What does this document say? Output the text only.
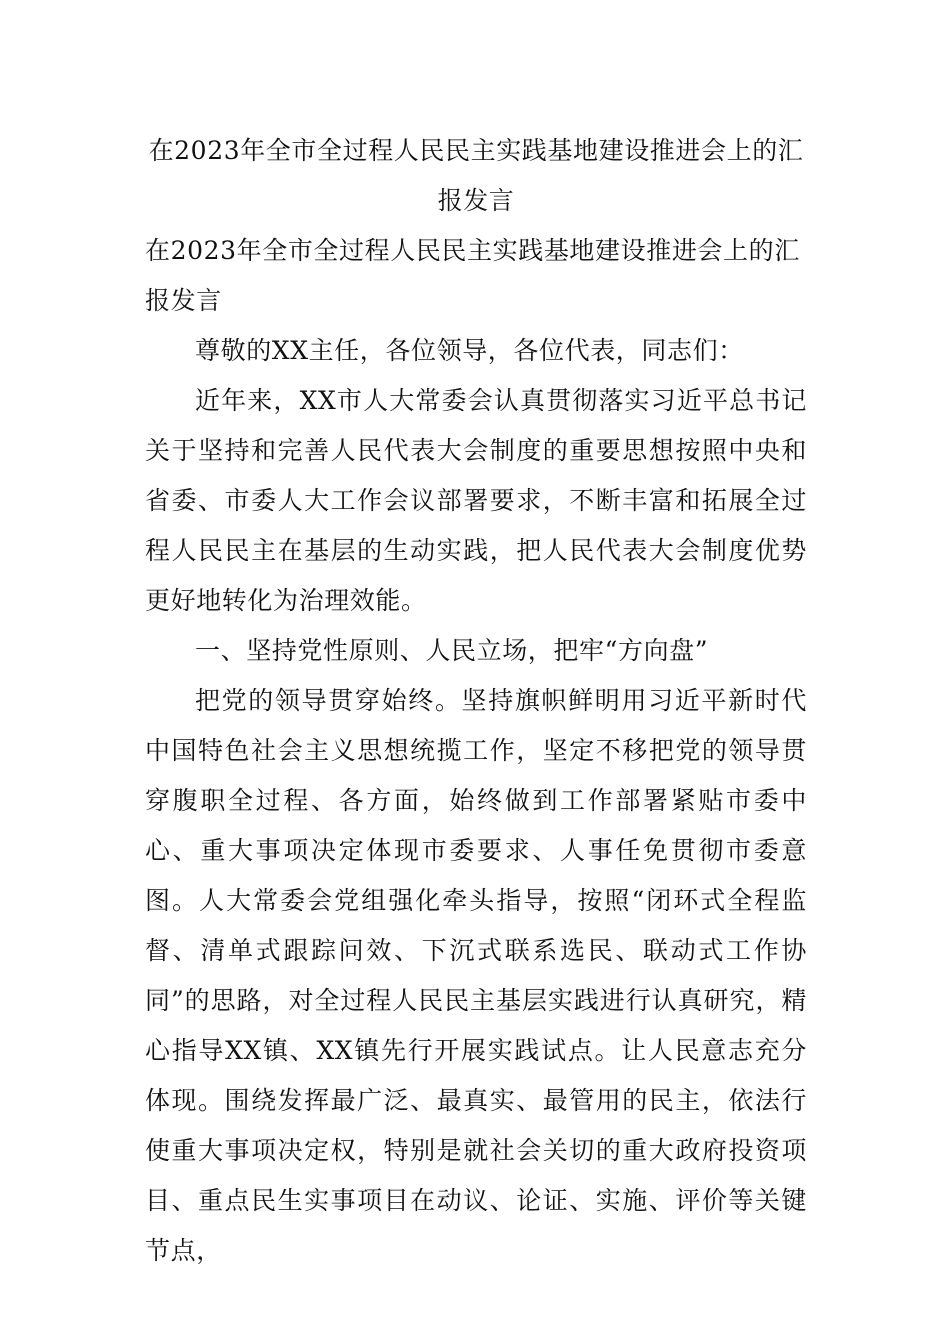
在2023年全市全过程人民民主实践基地建设推进会上的汇报发言
在2023年全市全过程人民民主实践基地建设推进会上的汇报发言

尊敬的XX主任，各位领导，各位代表，同志们：

近年来，XX市人大常委会认真贯彻落实习近平总书记关于坚持和完善人民代表大会制度的重要思想按照中央和省委、市委人大工作会议部署要求，不断丰富和拓展全过程人民民主在基层的生动实践，把人民代表大会制度优势更好地转化为治理效能。

一、坚持党性原则、人民立场，把牢“方向盘”

把党的领导贯穿始终。坚持旗帜鲜明用习近平新时代中国特色社会主义思想统揽工作，坚定不移把党的领导贯穿腹职全过程、各方面，始终做到工作部署紧贴市委中心、重大事项决定体现市委要求、人事任免贯彻市委意图。人大常委会党组强化牵头指导，按照“闭环式全程监督、清单式跟踪问效、下沉式联系选民、联动式工作协同”的思路，对全过程人民民主基层实践进行认真研究，精心指导XX镇、XX镇先行开展实践试点。让人民意志充分体现。围绕发挥最广泛、最真实、最管用的民主，依法行使重大事项决定权，特别是就社会关切的重大政府投资项目、重点民生实事项目在动议、论证、实施、评价等关键节点，
